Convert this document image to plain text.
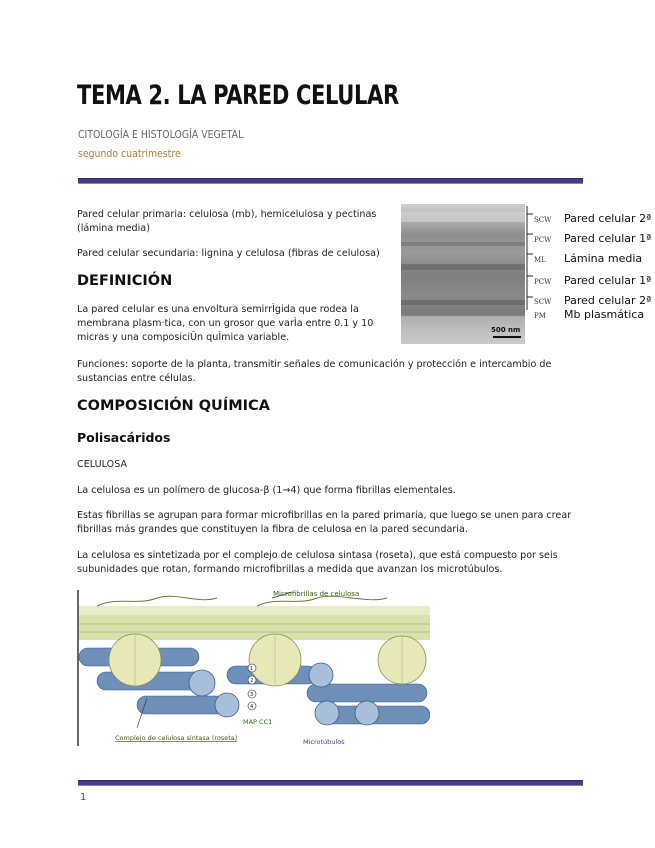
TEMA 2. LA PARED CELULAR
CITOLOGÍA E HISTOLOGÍA VEGETAL
segundo cuatrimestre
Pared celular primaria: celulosa (mb), hemicelulosa y pectinas (lámina media)
Pared celular secundaria: lignina y celulosa (fibras de celulosa)
DEFINICIÓN
La pared celular es una envoltura semirrÌgida que rodea la membrana plasm·tica, con un grosor que varÌa entre 0.1 y 10 micras y una composiciÛn quÌmica variable.
Funciones: soporte de la planta, transmitir señales de comunicación y protección e intercambio de sustancias entre células.
500 nm
SCW Pared celular 2ª
PCW Pared celular 1ª
ML Lámina media
PCW Pared celular 1ª
SCW Pared celular 2ª
PM Mb plasmática
COMPOSICIÓN QUÍMICA
Polisacáridos
CELULOSA
La celulosa es un polímero de glucosa-β (1→4) que forma fibrillas elementales.
Estas fibrillas se agrupan para formar microfibrillas en la pared primaria, que luego se unen para crear fibrillas más grandes que constituyen la fibra de celulosa en la pared secundaria.
La celulosa es sintetizada por el complejo de celulosa sintasa (roseta), que está compuesto por seis subunidades que rotan, formando microfibrillas a medida que avanzan los microtúbulos.
1
2
3
4
Microfibrillas de celulosa
MAP CC1
Complejo de celulosa sintasa (roseta)	Microtúbulos
1
